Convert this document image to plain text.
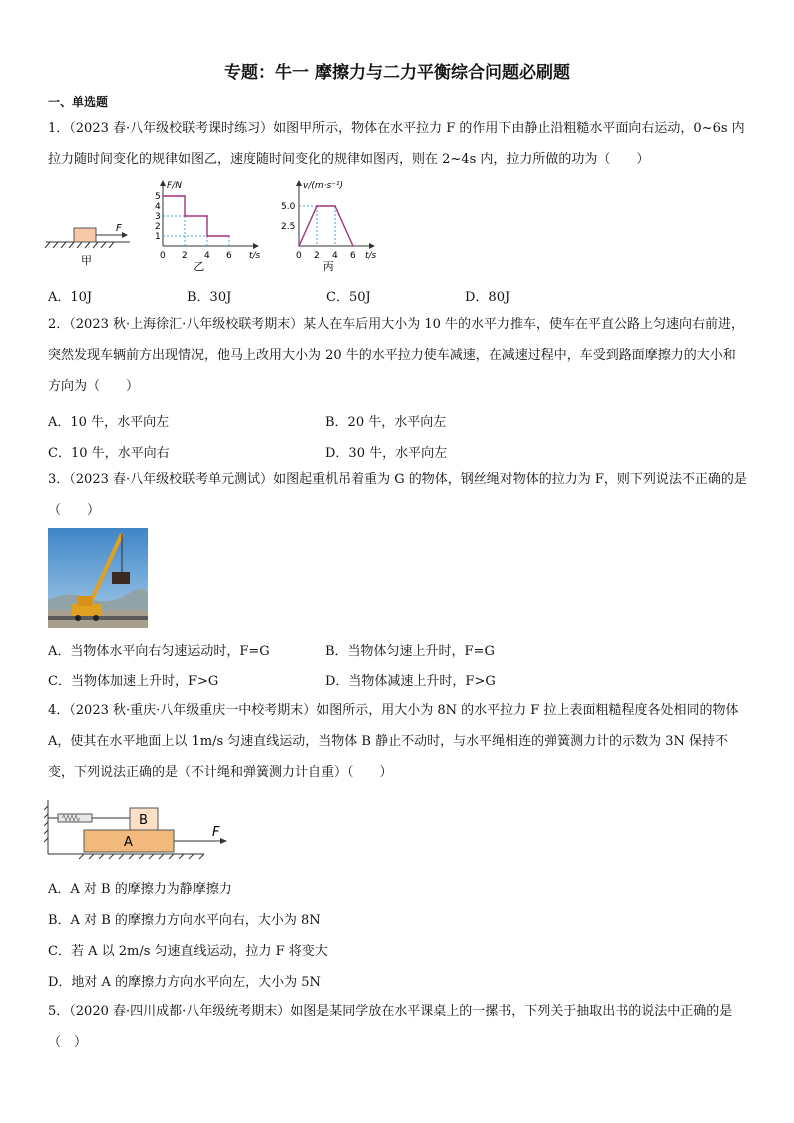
专题：牛一 摩擦力与二力平衡综合问题必刷题
一、单选题
1．（2023 春·八年级校联考课时练习）如图甲所示，物体在水平拉力 F 的作用下由静止沿粗糙水平面向右运动，0~6s 内拉力随时间变化的规律如图乙，速度随时间变化的规律如图丙，则在 2~4s 内，拉力所做的功为（　　）
F
甲	0 2 4 6
1
2
3
4
5
t/s
F/N
乙
0 2 4 6
2.5
5.0
t/s
v/(m·s⁻¹)
丙
A．10J	B．30J	C．50J	D．80J
2．（2023 秋·上海徐汇·八年级校联考期末）某人在车后用大小为 10 牛的水平力推车，使车在平直公路上匀速向右前进，突然发现车辆前方出现情况，他马上改用大小为 20 牛的水平拉力使车减速，在减速过程中，车受到路面摩擦力的大小和方向为（　　）
A．10 牛，水平向左	B．20 牛，水平向左
C．10 牛，水平向右	D．30 牛，水平向左
3．（2023 春·八年级校联考单元测试）如图起重机吊着重为 G 的物体，钢丝绳对物体的拉力为 F，则下列说法不正确的是（　　）
A．当物体水平向右匀速运动时，F=G	B．当物体匀速上升时，F=G
C．当物体加速上升时，F>G	D．当物体减速上升时，F>G
4．（2023 秋·重庆·八年级重庆一中校考期末）如图所示，用大小为 8N 的水平拉力 F 拉上表面粗糙程度各处相同的物体 A，使其在水平地面上以 1m/s 匀速直线运动，当物体 B 静止不动时，与水平绳相连的弹簧测力计的示数为 3N 保持不变，下列说法正确的是（不计绳和弹簧测力计自重）（　　）
B
A
F
A．A 对 B 的摩擦力为静摩擦力
B．A 对 B 的摩擦力方向水平向右，大小为 8N
C．若 A 以 2m/s 匀速直线运动，拉力 F 将变大
D．地对 A 的摩擦力方向水平向左，大小为 5N
5．（2020 春·四川成都·八年级统考期末）如图是某同学放在水平课桌上的一摞书，下列关于抽取出书的说法中正确的是（　）
